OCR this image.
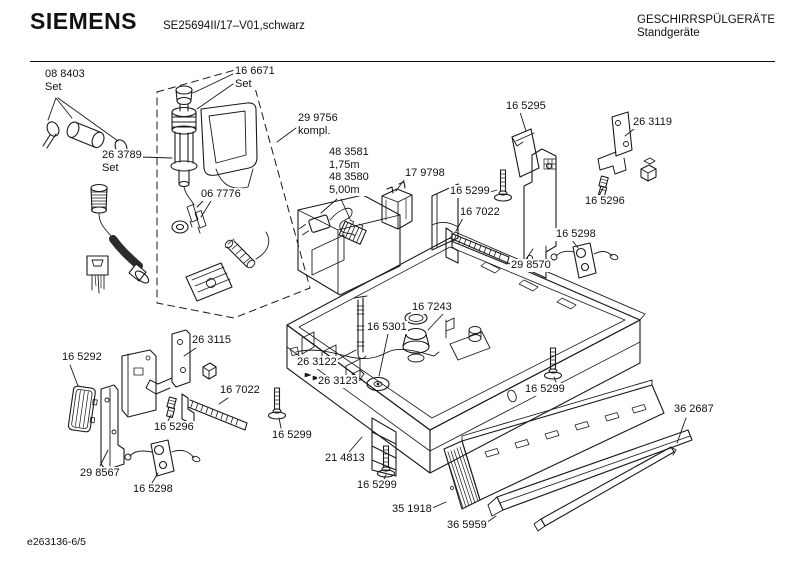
SIEMENS SE25694II/17–V01,schwarz	GESCHIRRSPÜLGERÄTE
Standgeräte
08 8403
Set
16 6671
Set
29 9756
kompl.
26 3789
Set
06 7776
48 3581
1,75m
48 3580
5,00m
17 9798
16 5295
26 3119
16 5299
16 7022
16 5296
16 5298
29 8570
16 7243
16 5301
26 3115
26 3122
26 3123
16 5292
16 7022
16 5296
29 8567
16 5298
16 5299
21 4813
16 5299
16 5299
35 1918
36 5959
36 2687
e263136-6/5
